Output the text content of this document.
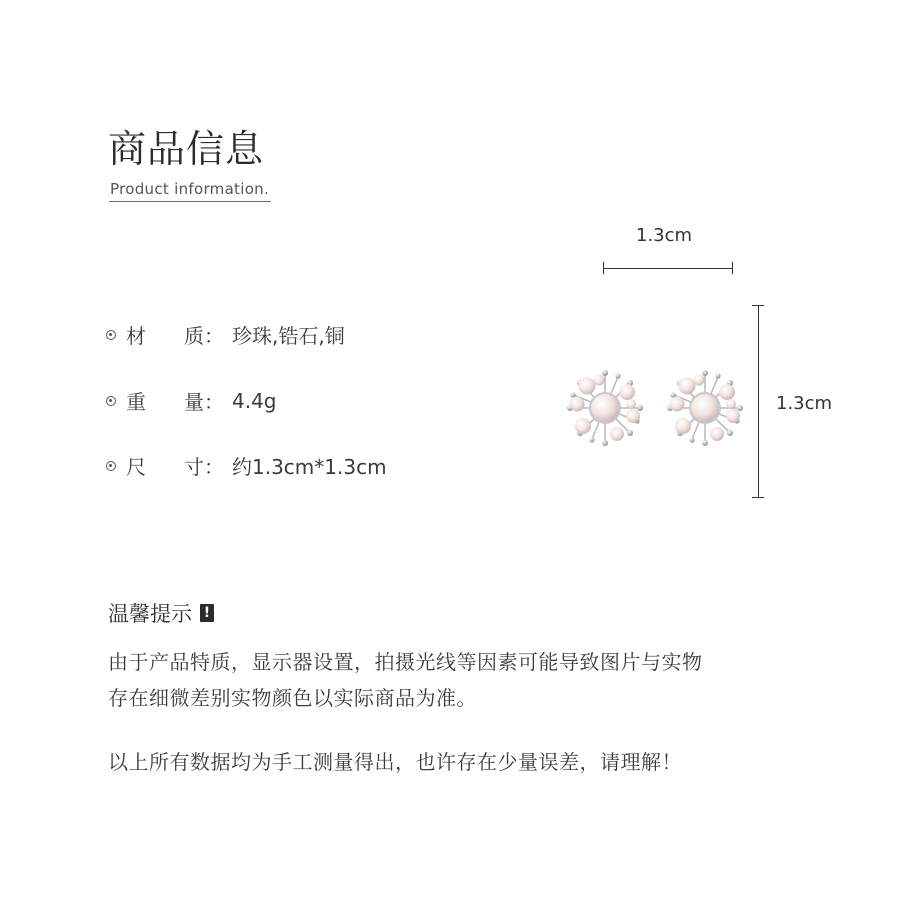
商品信息
Product information.
材	质： 珍珠,锆石,铜
重	量： 4.4g
尺	寸： 约1.3cm*1.3cm
1.3cm
1.3cm
温馨提示 !
由于产品特质，显示器设置，拍摄光线等因素可能导致图片与实物
存在细微差别实物颜色以实际商品为准。
以上所有数据均为手工测量得出，也许存在少量误差，请理解！
